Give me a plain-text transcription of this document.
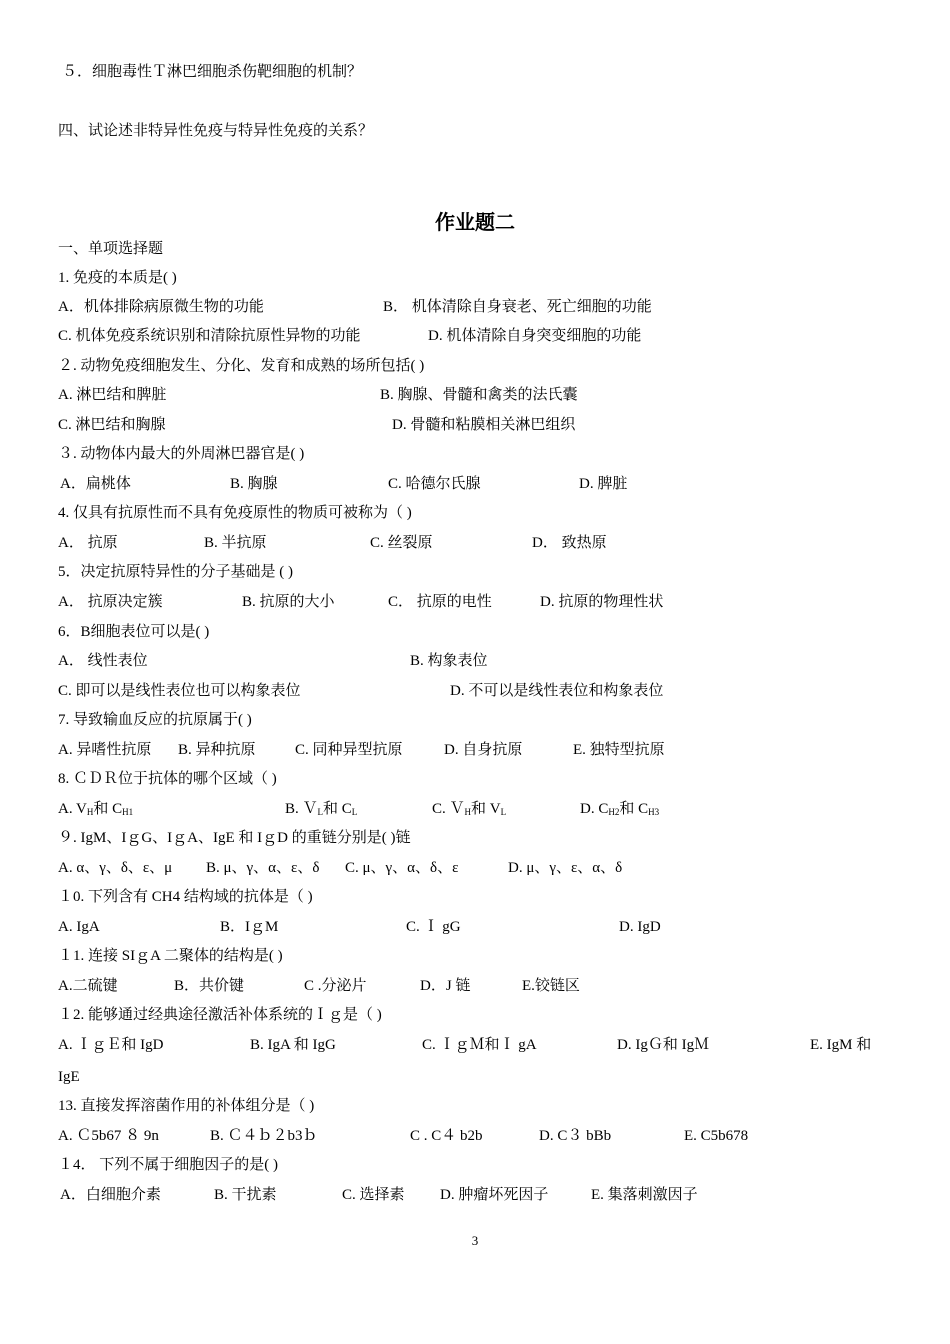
５．细胞毒性Ｔ淋巴细胞杀伤靶细胞的机制？
四、试论述非特异性免疫与特异性免疫的关系？
作业题二
一、单项选择题
1. 免疫的本质是( )
A．机体排除病原微生物的功能	B． 机体清除自身衰老、死亡细胞的功能
C. 机体免疫系统识别和清除抗原性异物的功能	D. 机体清除自身突变细胞的功能
２. 动物免疫细胞发生、分化、发育和成熟的场所包括( )
A. 淋巴结和脾脏	B. 胸腺、骨髓和禽类的法氏囊
C. 淋巴结和胸腺	D. 骨髓和粘膜相关淋巴组织
３. 动物体内最大的外周淋巴器官是( )
A．扁桃体	B. 胸腺	C. 哈德尔氏腺	D. 脾脏
4. 仅具有抗原性而不具有免疫原性的物质可被称为（ )
A． 抗原	B. 半抗原	C. 丝裂原	D． 致热原
5．决定抗原特异性的分子基础是 ( )
A． 抗原决定簇	B. 抗原的大小	C． 抗原的电性	D. 抗原的物理性状
6．B细胞表位可以是( )
A． 线性表位	B. 构象表位
C. 即可以是线性表位也可以构象表位	D. 不可以是线性表位和构象表位
7. 导致输血反应的抗原属于( )
A. 异嗜性抗原 B. 异种抗原	C. 同种异型抗原	D. 自身抗原	E. 独特型抗原
8. ＣＤＲ位于抗体的哪个区域（ )
A. $V_H$和 $C_{H1}$	B. Ｖ$_L$和 $C_L$	C. Ｖ$_H$和 $V_L$	D. $C_{H2}$和 $C_{H3}$
９. IgM、IｇG、IｇA、IgE 和 IｇD 的重链分别是( )链
A. α、γ、δ、ε、μ B. μ、γ、α、ε、δ C. μ、γ、α、δ、ε	D. μ、γ、ε、α、δ
１0. 下列含有 CH4 结构域的抗体是（ )
A. IgA	B．IｇM	C. Ｉ gG	D. IgD
１1. 连接 SIｇA 二聚体的结构是( )
A.二硫键	B．共价键	C .分泌片	D．J 链	E.铰链区
１2. 能够通过经典途径激活补体系统的Ｉｇ是（ )
A. ＩｇＥ和 IgD	B. IgA 和 IgG	C. ＩｇＭ和Ｉ gA	D. IgＧ和 IgＭ	E. IgM 和
IgE
13. 直接发挥溶菌作用的补体组分是（ )
A. Ｃ5b67 ８ 9n	B. Ｃ４ｂ２b3ｂ	C . C４ b2b	D. C３ bBb	E. C5b678
１4． 下列不属于细胞因子的是( )
A．白细胞介素	B. 干扰素	C. 选择素 D. 肿瘤坏死因子	E. 集落刺激因子
3
